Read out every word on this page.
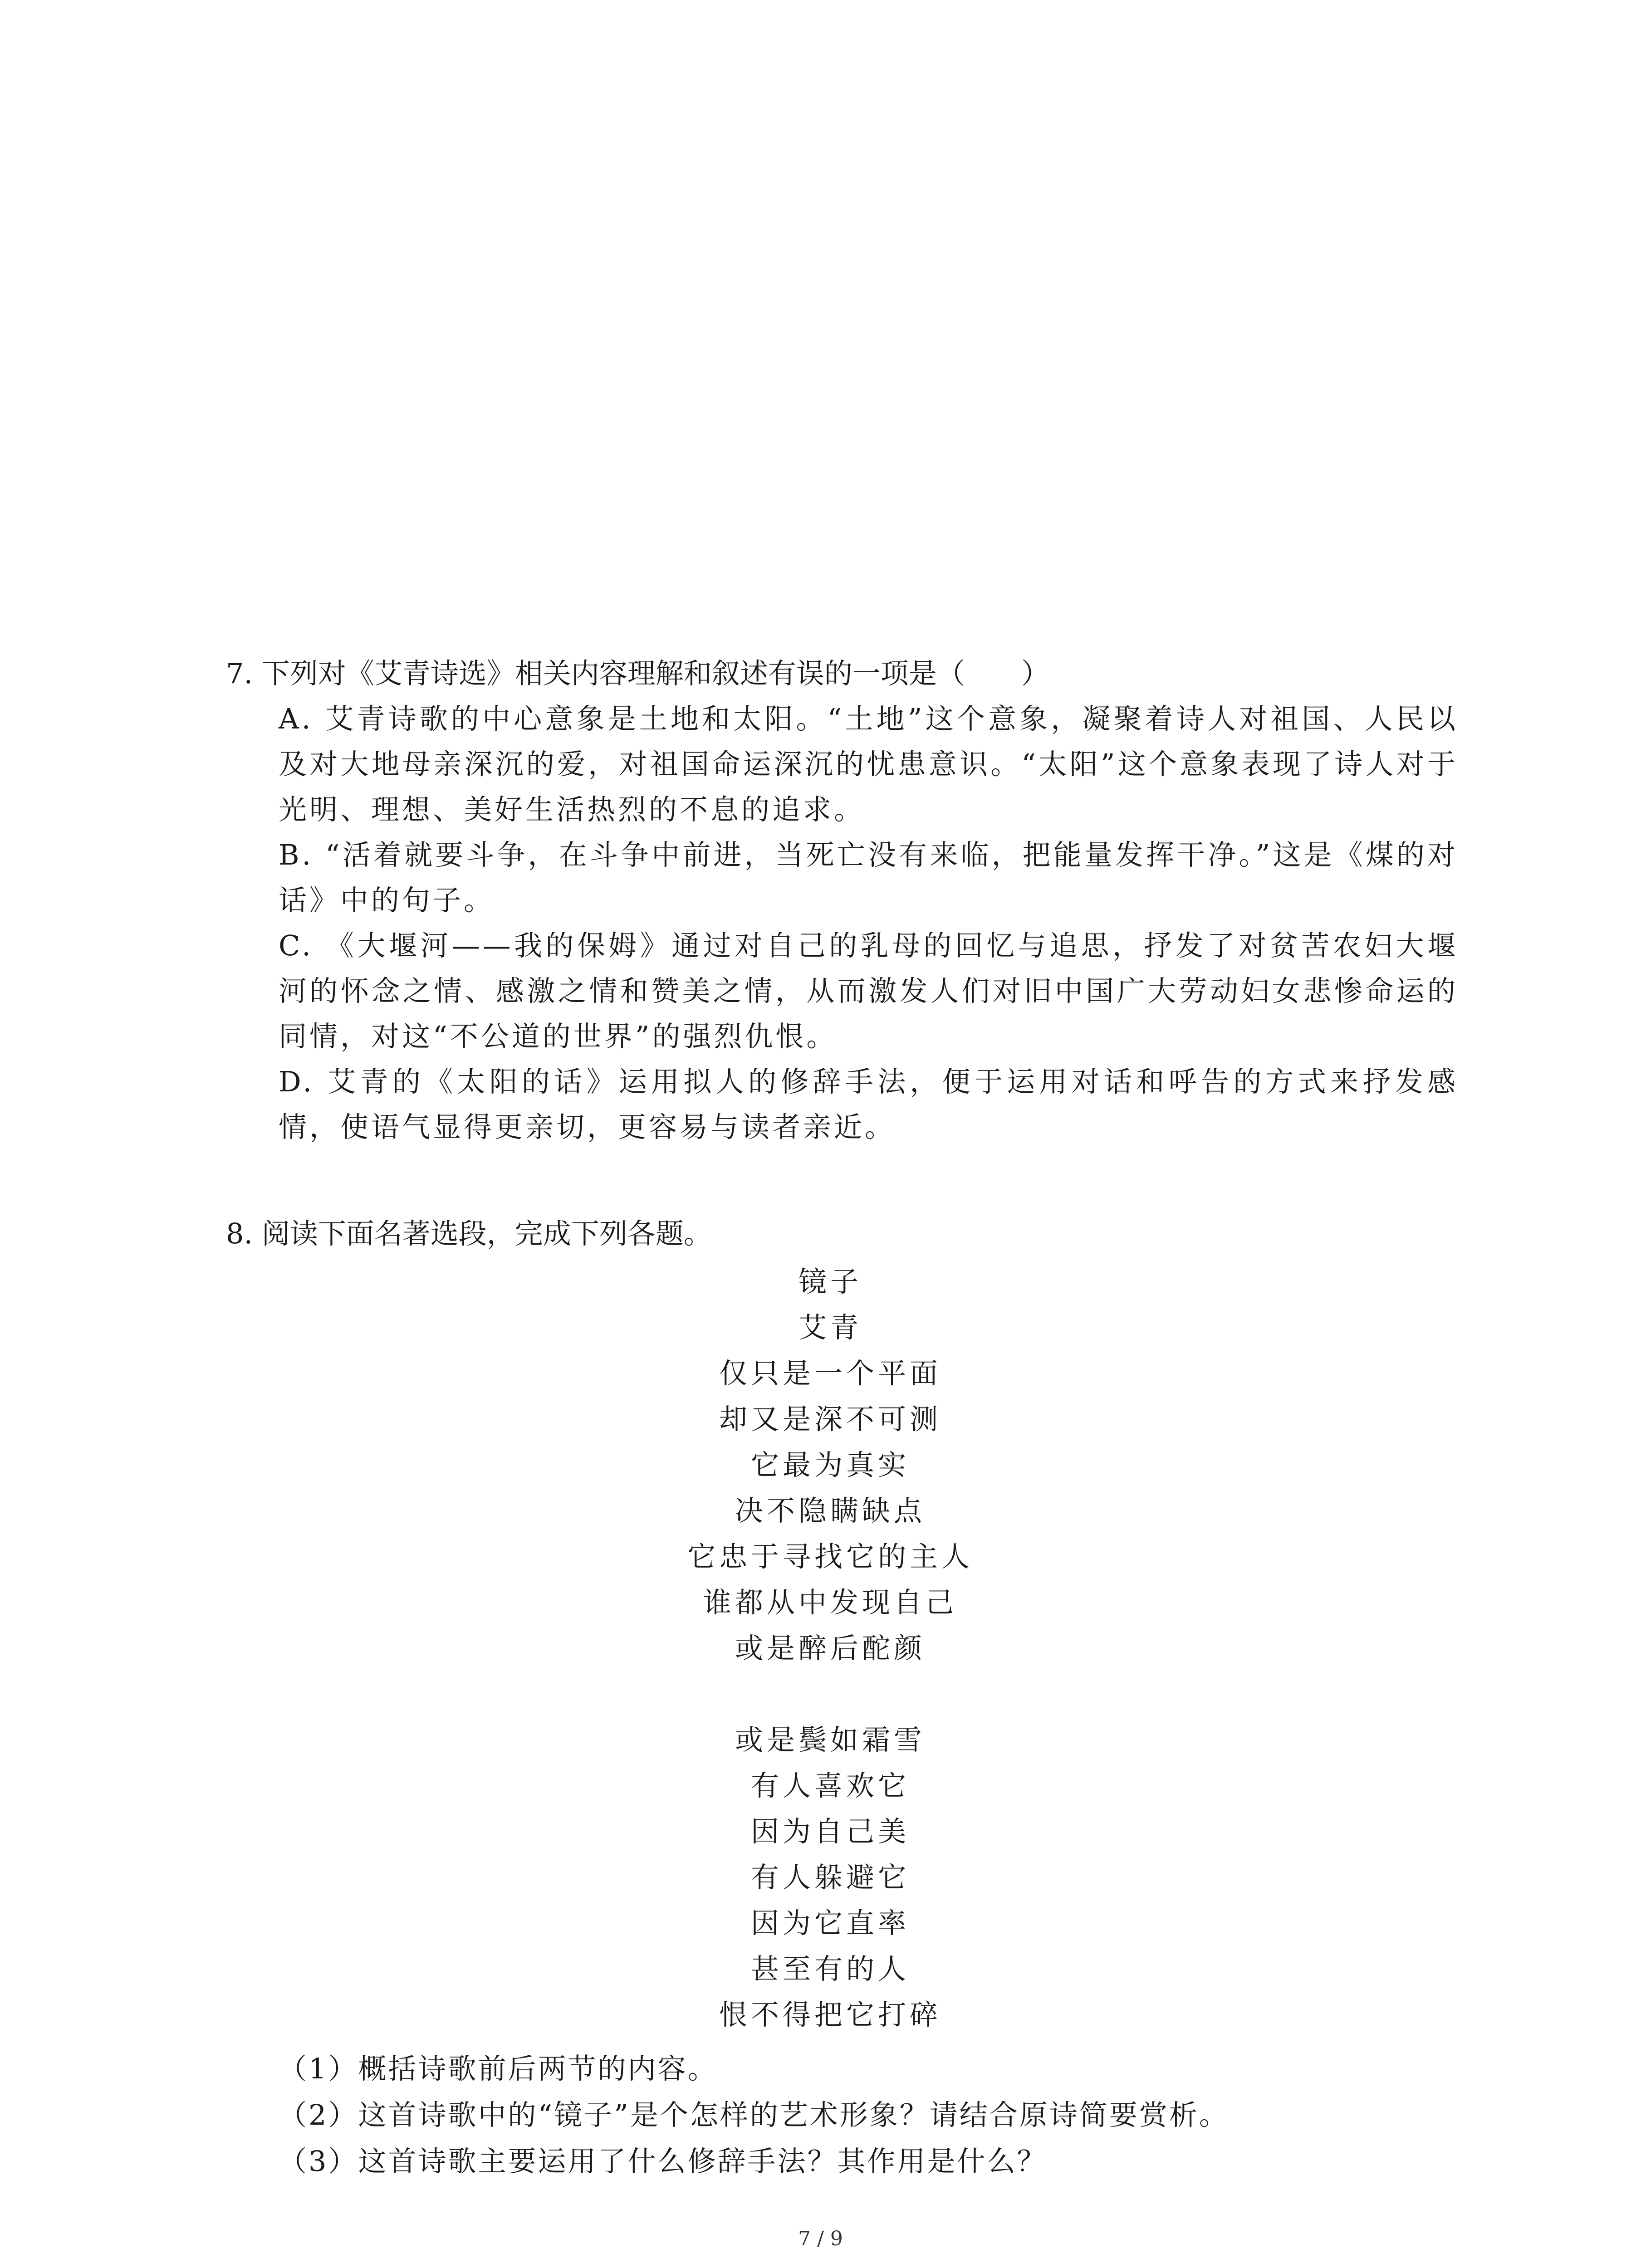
7. 下列对《艾青诗选》相关内容理解和叙述有误的一项是（　　）
A. 艾青诗歌的中心意象是土地和太阳。“土地”这个意象，凝聚着诗人对祖国、人民以及对大地母亲深沉的爱，对祖国命运深沉的忧患意识。“太阳”这个意象表现了诗人对于光明、理想、美好生活热烈的不息的追求。
B. “活着就要斗争，在斗争中前进，当死亡没有来临，把能量发挥干净。”这是《煤的对话》中的句子。
C. 《大堰河——我的保姆》通过对自己的乳母的回忆与追思，抒发了对贫苦农妇大堰河的怀念之情、感激之情和赞美之情，从而激发人们对旧中国广大劳动妇女悲惨命运的同情，对这“不公道的世界”的强烈仇恨。
D. 艾青的《太阳的话》运用拟人的修辞手法，便于运用对话和呼告的方式来抒发感情，使语气显得更亲切，更容易与读者亲近。
8. 阅读下面名著选段，完成下列各题。
镜子
艾青
仅只是一个平面
却又是深不可测
它最为真实
决不隐瞒缺点
它忠于寻找它的主人
谁都从中发现自己
或是醉后酡颜
或是鬓如霜雪
有人喜欢它
因为自己美
有人躲避它
因为它直率
甚至有的人
恨不得把它打碎
（1）概括诗歌前后两节的内容。
（2）这首诗歌中的“镜子”是个怎样的艺术形象？请结合原诗简要赏析。
（3）这首诗歌主要运用了什么修辞手法？其作用是什么？
7 / 9
